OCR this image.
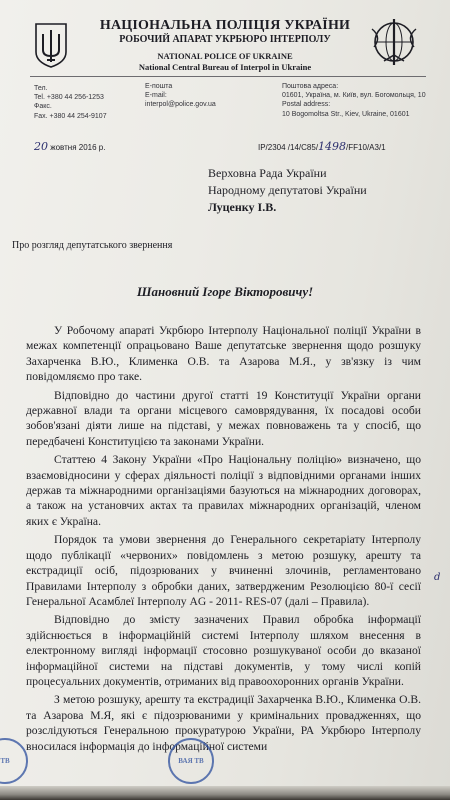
НАЦІОНАЛЬНА ПОЛІЦІЯ УКРАЇНИ
РОБОЧИЙ АПАРАТ УКРБЮРО ІНТЕРПОЛУ
NATIONAL POLICE OF UKRAINE
National Central Bureau of Interpol in Ukraine
Тел.
Tel. +380 44 256-1253
Факс.
Fax. +380 44 254-9107
E-пошта
E-mail:
interpol@police.gov.ua
Поштова адреса:
01601, Україна, м. Київ, вул. Богомольця, 10
Postal address:
10 Bogomoltsa Str., Kiev, Ukraine, 01601
20 жовтня 2016 р.	IP/2304 /14/С85/1498/FF10/A3/1
Верховна Рада України
Народному депутатові України
Луценку І.В.
Про розгляд депутатського звернення
Шановний Ігоре Вікторовичу!

У Робочому апараті Укрбюро Інтерполу Національної поліції України в межах компетенції опрацьовано Ваше депутатське звернення щодо розшуку Захарченка В.Ю., Клименка О.В. та Азарова М.Я., у зв'язку із чим повідомляємо про таке.

Відповідно до частини другої статті 19 Конституції України органи державної влади та органи місцевого самоврядування, їх посадові особи зобов'язані діяти лише на підставі, у межах повноважень та у спосіб, що передбачені Конституцією та законами України.

Статтею 4 Закону України «Про Національну поліцію» визначено, що взаємовідносини у сферах діяльності поліції з відповідними органами інших держав та міжнародними організаціями базуються на міжнародних договорах, а також на установчих актах та правилах міжнародних організацій, членом яких є Україна.

Порядок та умови звернення до Генерального секретаріату Інтерполу щодо публікації «червоних» повідомлень з метою розшуку, арешту та екстрадиції осіб, підозрюваних у вчиненні злочинів, регламентовано Правилами Інтерполу з обробки даних, затвердженим Резолюцією 80-ї сесії Генеральної Асамблеї Інтерполу AG - 2011- RES-07 (далі – Правила).

Відповідно до змісту зазначених Правил обробка інформації здійснюється в інформаційній системі Інтерполу шляхом внесення в електронному вигляді інформації стосовно розшукуваної особи до вказаної інформаційної системи на підставі документів, у тому числі копій процесуальних документів, отриманих від правоохоронних органів України.

З метою розшуку, арешту та екстрадиції Захарченка В.Ю., Клименка О.В. та Азарова М.Я, які є підозрюваними у кримінальних провадженнях, що розслідуються Генеральною прокуратурою України, РА Укрбюро Інтерполу вносилася інформація до інформаційної системи

d
ТВ	ВАЯ ТВ
